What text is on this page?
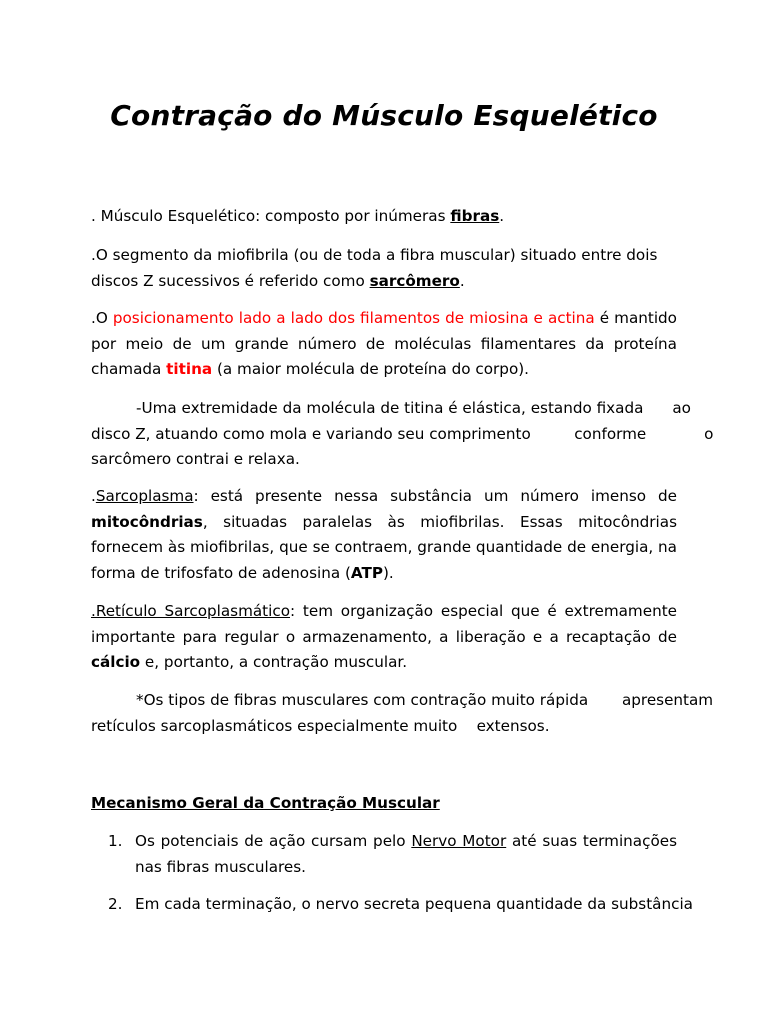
Contração do Músculo Esquelético

. Músculo Esquelético: composto por inúmeras fibras.

.O segmento da miofibrila (ou de toda a fibra muscular) situado entre dois discos Z sucessivos é referido como sarcômero.

.O posicionamento lado a lado dos filamentos de miosina e actina é mantido por meio de um grande número de moléculas filamentares da proteína chamada titina (a maior molécula de proteína do corpo).

-Uma extremidade da molécula de titina é elástica, estando fixada      ao
disco Z, atuando como mola e variando seu comprimento         conforme            o
sarcômero contrai e relaxa.

.Sarcoplasma: está presente nessa substância um número imenso de mitocôndrias, situadas paralelas às miofibrilas. Essas mitocôndrias fornecem às miofibrilas, que se contraem, grande quantidade de energia, na forma de trifosfato de adenosina (ATP).

.Retículo Sarcoplasmático: tem organização especial que é extremamente importante para regular o armazenamento, a liberação e a recaptação de cálcio e, portanto, a contração muscular.

*Os tipos de fibras musculares com contração muito rápida       apresentam
retículos sarcoplasmáticos especialmente muito    extensos.
Mecanismo Geral da Contração Muscular
1. Os potenciais de ação cursam pelo Nervo Motor até suas terminações nas fibras musculares.
2. Em cada terminação, o nervo secreta pequena quantidade da substância
